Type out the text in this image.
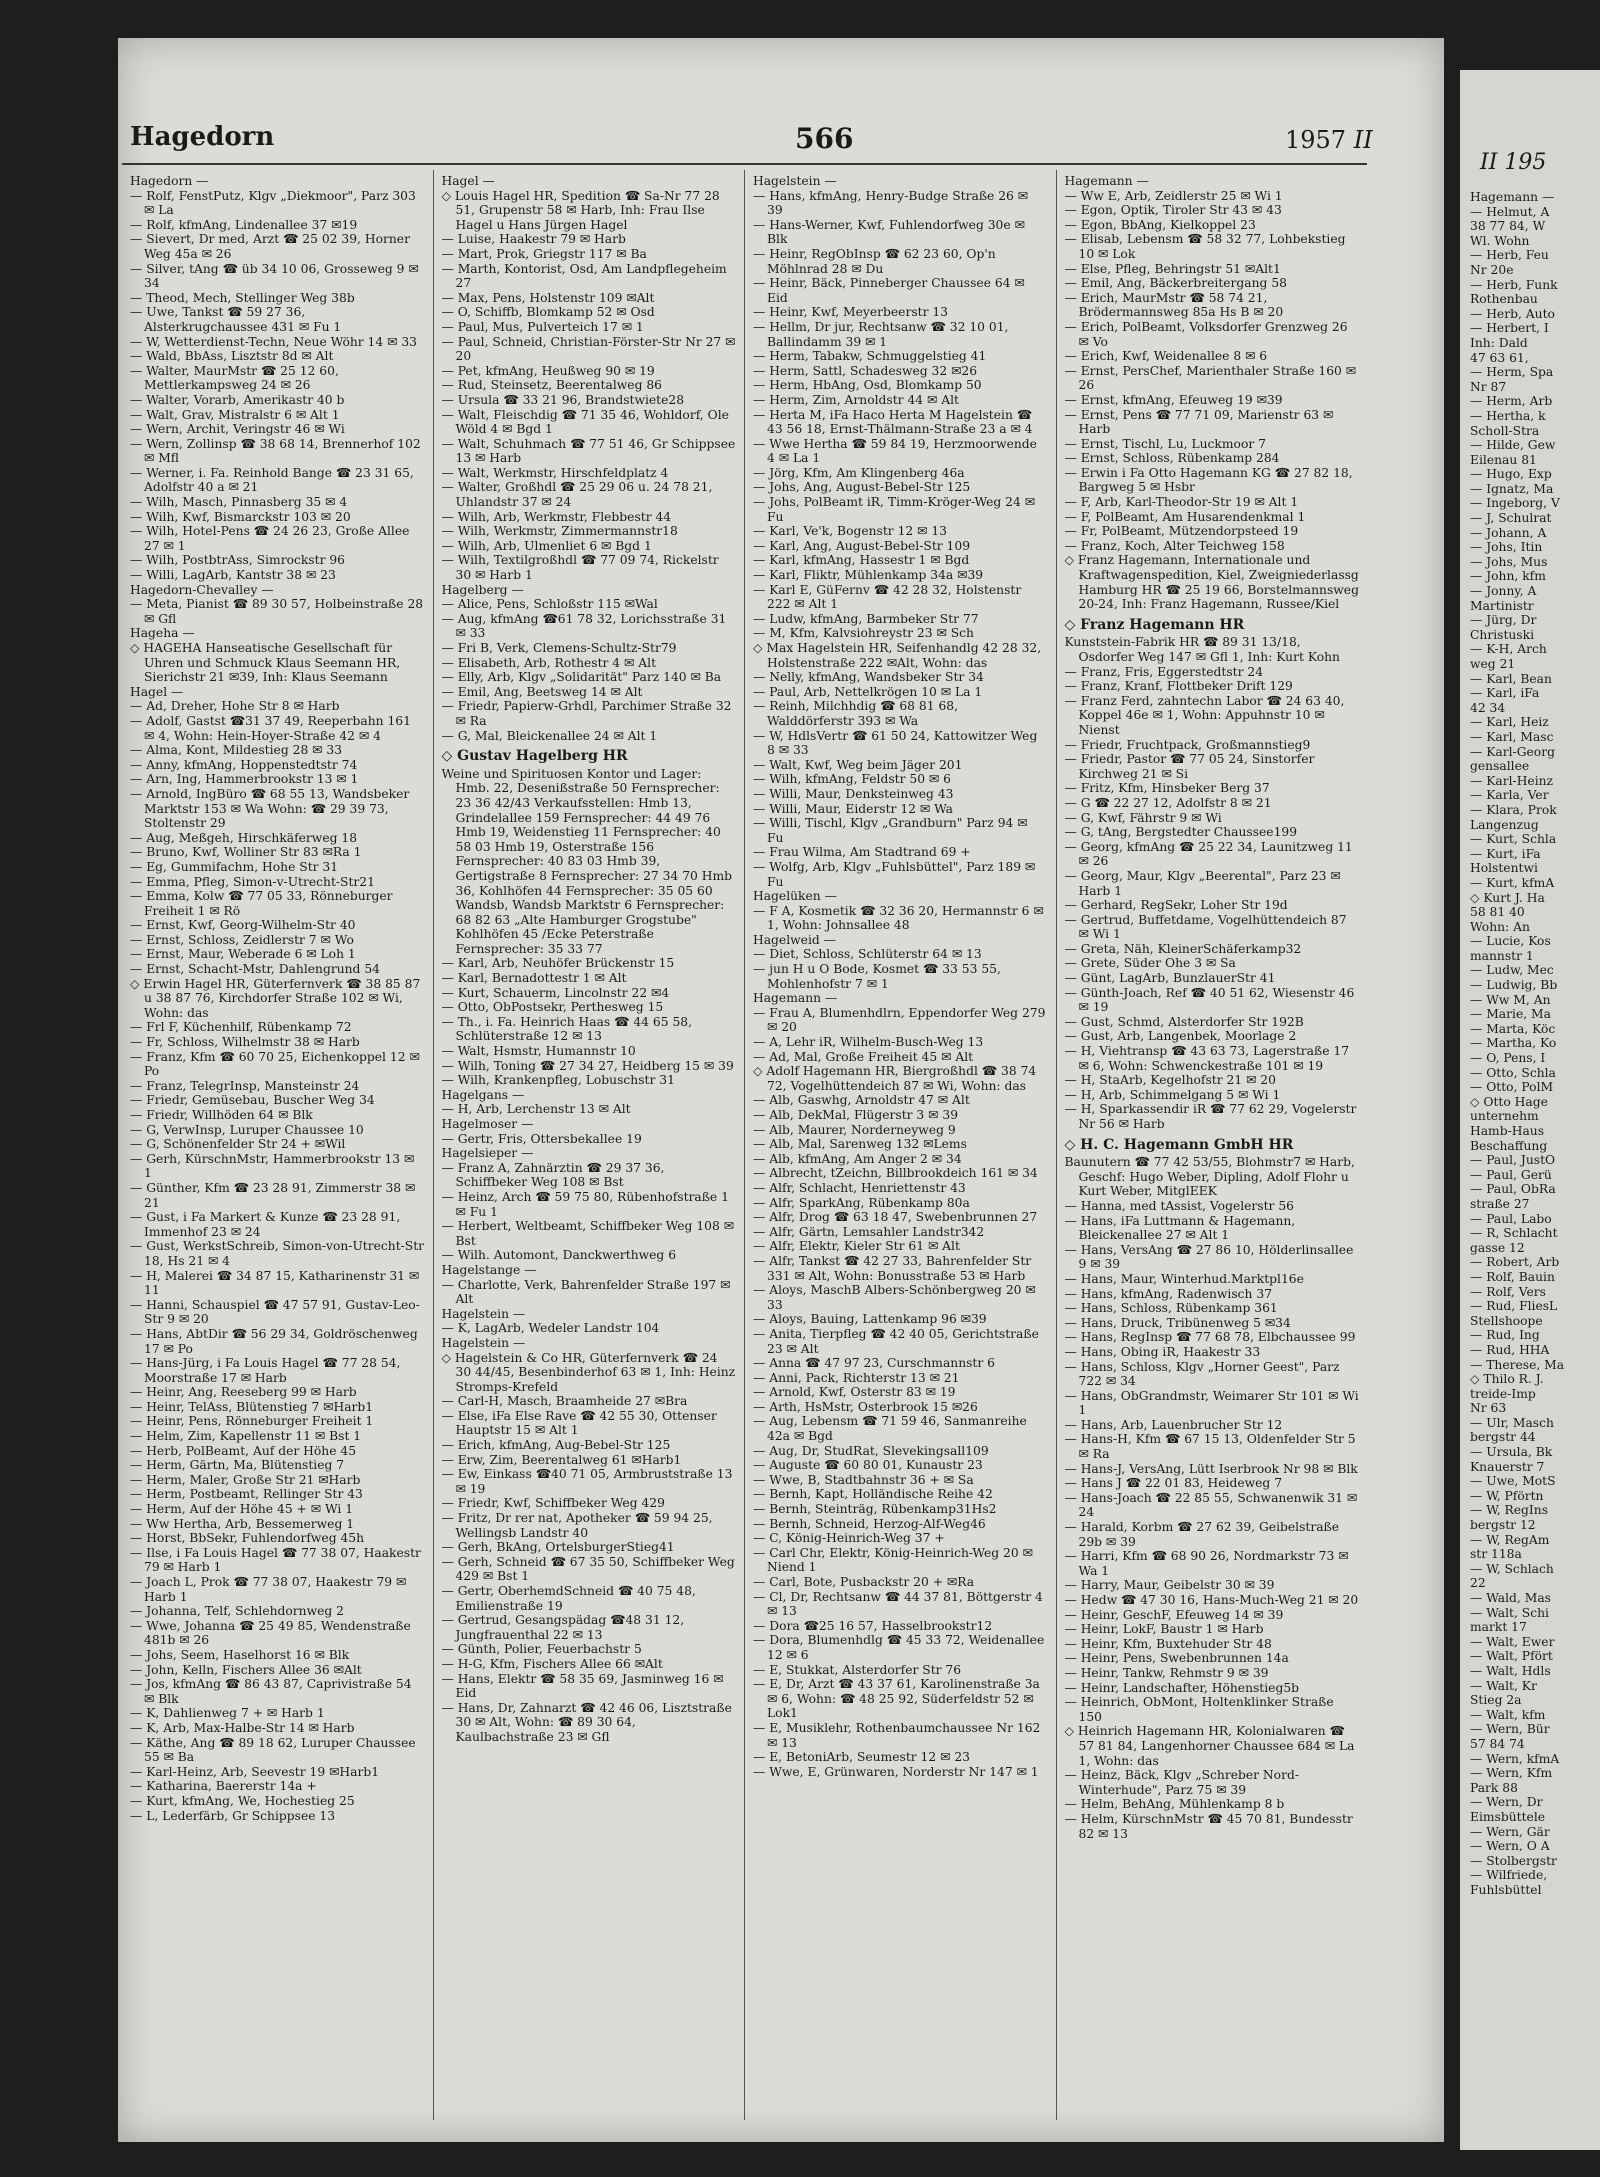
II 195
Hagemann —
— Helmut, A
38 77 84, W
Wl. Wohn
— Herb, Feu
Nr 20e
— Herb, Funk
Rothenbau
— Herb, Auto
— Herbert, I
Inh: Dald
47 63 61,
— Herm, Spa
Nr 87
— Herm, Arb
— Hertha, k
Scholl-Stra
— Hilde, Gew
Eilenau 81
— Hugo, Exp
— Ignatz, Ma
— Ingeborg, V
— J, Schulrat
— Johann, A
— Johs, Itin
— Johs, Mus
— John, kfm
— Jonny, A
Martinistr
— Jürg, Dr
Christuski
— K-H, Arch
weg 21
— Karl, Bean
— Karl, iFa
42 34
— Karl, Heiz
— Karl, Masc
— Karl-Georg
gensallee
— Karl-Heinz
— Karla, Ver
— Klara, Prok
Langenzug
— Kurt, Schla
— Kurt, iFa
Holstentwi
— Kurt, kfmA
◇ Kurt J. Ha
58 81 40
Wohn: An
— Lucie, Kos
mannstr 1
— Ludw, Mec
— Ludwig, Bb
— Ww M, An
— Marie, Ma
— Marta, Köc
— Martha, Ko
— O, Pens, I
— Otto, Schla
— Otto, PolM
◇ Otto Hage
unternehm
Hamb-Haus
Beschaffung
— Paul, JustO
— Paul, Gerü
— Paul, ObRa
straße 27
— Paul, Labo
— R, Schlacht
gasse 12
— Robert, Arb
— Rolf, Bauin
— Rolf, Vers
— Rud, FliesL
Stellshoope
— Rud, Ing
— Rud, HHA
— Therese, Ma
◇ Thilo R. J.
treide-Imp
Nr 63
— Ulr, Masch
bergstr 44
— Ursula, Bk
Knauerstr 7
— Uwe, MotS
— W, Pförtn
— W, RegIns
bergstr 12
— W, RegAm
str 118a
— W, Schlach
22
— Wald, Mas
— Walt, Schi
markt 17
— Walt, Ewer
— Walt, Pfört
— Walt, Hdls
— Walt, Kr
Stieg 2a
— Walt, kfm
— Wern, Bür
57 84 74
— Wern, kfmA
— Wern, Kfm
Park 88
— Wern, Dr
Eimsbüttele
— Wern, Gär
— Wern, O A
— Stolbergstr
— Wilfriede,
Fuhlsbüttel
Hagedorn	566	1957 II
Hagedorn —
— Rolf, FenstPutz, Klgv „Diekmoor", Parz 303 ✉ La
— Rolf, kfmAng, Lindenallee 37 ✉19
— Sievert, Dr med, Arzt ☎ 25 02 39, Horner Weg 45a ✉ 26
— Silver, tAng ☎ üb 34 10 06, Grosseweg 9 ✉ 34
— Theod, Mech, Stellinger Weg 38b
— Uwe, Tankst ☎ 59 27 36, Alsterkrugchaussee 431 ✉ Fu 1
— W, Wetterdienst-Techn, Neue Wöhr 14 ✉ 33
— Wald, BbAss, Lisztstr 8d ✉ Alt
— Walter, MaurMstr ☎ 25 12 60, Mettlerkampsweg 24 ✉ 26
— Walter, Vorarb, Amerikastr 40 b
— Walt, Grav, Mistralstr 6 ✉ Alt 1
— Wern, Archit, Veringstr 46 ✉ Wi
— Wern, Zollinsp ☎ 38 68 14, Brennerhof 102 ✉ Mfl
— Werner, i. Fa. Reinhold Bange ☎ 23 31 65, Adolfstr 40 a ✉ 21
— Wilh, Masch, Pinnasberg 35 ✉ 4
— Wilh, Kwf, Bismarckstr 103 ✉ 20
— Wilh, Hotel-Pens ☎ 24 26 23, Große Allee 27 ✉ 1
— Wilh, PostbtrAss, Simrockstr 96
— Willi, LagArb, Kantstr 38 ✉ 23
Hagedorn-Chevalley —
— Meta, Pianist ☎ 89 30 57, Holbeinstraße 28 ✉ Gfl
Hageha —
◇ HAGEHA Hanseatische Gesellschaft für Uhren und Schmuck Klaus Seemann HR, Sierichstr 21 ✉39, Inh: Klaus Seemann
Hagel —
— Ad, Dreher, Hohe Str 8 ✉ Harb
— Adolf, Gastst ☎31 37 49, Reeperbahn 161 ✉ 4, Wohn: Hein-Hoyer-Straße 42 ✉ 4
— Alma, Kont, Mildestieg 28 ✉ 33
— Anny, kfmAng, Hoppenstedtstr 74
— Arn, Ing, Hammerbrookstr 13 ✉ 1
— Arnold, IngBüro ☎ 68 55 13, Wandsbeker Marktstr 153 ✉ Wa Wohn: ☎ 29 39 73, Stoltenstr 29
— Aug, Meßgeh, Hirschkäferweg 18
— Bruno, Kwf, Wolliner Str 83 ✉Ra 1
— Eg, Gummifachm, Hohe Str 31
— Emma, Pfleg, Simon-v-Utrecht-Str21
— Emma, Kolw ☎ 77 05 33, Rönneburger Freiheit 1 ✉ Rö
— Ernst, Kwf, Georg-Wilhelm-Str 40
— Ernst, Schloss, Zeidlerstr 7 ✉ Wo
— Ernst, Maur, Weberade 6 ✉ Loh 1
— Ernst, Schacht-Mstr, Dahlengrund 54
◇ Erwin Hagel HR, Güterfernverk ☎ 38 85 87 u 38 87 76, Kirchdorfer Straße 102 ✉ Wi, Wohn: das
— Frl F, Küchenhilf, Rübenkamp 72
— Fr, Schloss, Wilhelmstr 38 ✉ Harb
— Franz, Kfm ☎ 60 70 25, Eichenkoppel 12 ✉ Po
— Franz, TelegrInsp, Mansteinstr 24
— Friedr, Gemüsebau, Buscher Weg 34
— Friedr, Willhöden 64 ✉ Blk
— G, VerwInsp, Luruper Chaussee 10
— G, Schönenfelder Str 24 + ✉Wil
— Gerh, KürschnMstr, Hammerbrookstr 13 ✉ 1
— Günther, Kfm ☎ 23 28 91, Zimmerstr 38 ✉ 21
— Gust, i Fa Markert & Kunze ☎ 23 28 91, Immenhof 23 ✉ 24
— Gust, WerkstSchreib, Simon-von-Utrecht-Str 18, Hs 21 ✉ 4
— H, Malerei ☎ 34 87 15, Katharinenstr 31 ✉ 11
— Hanni, Schauspiel ☎ 47 57 91, Gustav-Leo-Str 9 ✉ 20
— Hans, AbtDir ☎ 56 29 34, Goldröschenweg 17 ✉ Po
— Hans-Jürg, i Fa Louis Hagel ☎ 77 28 54, Moorstraße 17 ✉ Harb
— Heinr, Ang, Reeseberg 99 ✉ Harb
— Heinr, TelAss, Blütenstieg 7 ✉Harb1
— Heinr, Pens, Rönneburger Freiheit 1
— Helm, Zim, Kapellenstr 11 ✉ Bst 1
— Herb, PolBeamt, Auf der Höhe 45
— Herm, Gärtn, Ma, Blütenstieg 7
— Herm, Maler, Große Str 21 ✉Harb
— Herm, Postbeamt, Rellinger Str 43
— Herm, Auf der Höhe 45 + ✉ Wi 1
— Ww Hertha, Arb, Bessemerweg 1
— Horst, BbSekr, Fuhlendorfweg 45h
— Ilse, i Fa Louis Hagel ☎ 77 38 07, Haakestr 79 ✉ Harb 1
— Joach L, Prok ☎ 77 38 07, Haakestr 79 ✉ Harb 1
— Johanna, Telf, Schlehdornweg 2
— Wwe, Johanna ☎ 25 49 85, Wendenstraße 481b ✉ 26
— Johs, Seem, Haselhorst 16 ✉ Blk
— John, Kelln, Fischers Allee 36 ✉Alt
— Jos, kfmAng ☎ 86 43 87, Caprivistraße 54 ✉ Blk
— K, Dahlienweg 7 + ✉ Harb 1
— K, Arb, Max-Halbe-Str 14 ✉ Harb
— Käthe, Ang ☎ 89 18 62, Luruper Chaussee 55 ✉ Ba
— Karl-Heinz, Arb, Seevestr 19 ✉Harb1
— Katharina, Baererstr 14a +
— Kurt, kfmAng, We, Hochestieg 25
— L, Lederfärb, Gr Schippsee 13
Hagel —
◇ Louis Hagel HR, Spedition ☎ Sa-Nr 77 28 51, Grupenstr 58 ✉ Harb, Inh: Frau Ilse Hagel u Hans Jürgen Hagel
— Luise, Haakestr 79 ✉ Harb
— Mart, Prok, Griegstr 117 ✉ Ba
— Marth, Kontorist, Osd, Am Landpflegeheim 27
— Max, Pens, Holstenstr 109 ✉Alt
— O, Schiffb, Blomkamp 52 ✉ Osd
— Paul, Mus, Pulverteich 17 ✉ 1
— Paul, Schneid, Christian-Förster-Str Nr 27 ✉ 20
— Pet, kfmAng, Heußweg 90 ✉ 19
— Rud, Steinsetz, Beerentalweg 86
— Ursula ☎ 33 21 96, Brandstwiete28
— Walt, Fleischdig ☎ 71 35 46, Wohldorf, Ole Wöld 4 ✉ Bgd 1
— Walt, Schuhmach ☎ 77 51 46, Gr Schippsee 13 ✉ Harb
— Walt, Werkmstr, Hirschfeldplatz 4
— Walter, Großhdl ☎ 25 29 06 u. 24 78 21, Uhlandstr 37 ✉ 24
— Wilh, Arb, Werkmstr, Flebbestr 44
— Wilh, Werkmstr, Zimmermannstr18
— Wilh, Arb, Ulmenliet 6 ✉ Bgd 1
— Wilh, Textilgroßhdl ☎ 77 09 74, Rickelstr 30 ✉ Harb 1
Hagelberg —
— Alice, Pens, Schloßstr 115 ✉Wal
— Aug, kfmAng ☎61 78 32, Lorichsstraße 31 ✉ 33
— Fri B, Verk, Clemens-Schultz-Str79
— Elisabeth, Arb, Rothestr 4 ✉ Alt
— Elly, Arb, Klgv „Solidarität" Parz 140 ✉ Ba
— Emil, Ang, Beetsweg 14 ✉ Alt
— Friedr, Papierw-Grhdl, Parchimer Straße 32 ✉ Ra
— G, Mal, Bleickenallee 24 ✉ Alt 1
◇ Gustav Hagelberg HR
Weine und Spirituosen Kontor und Lager: Hmb. 22, Desenißstraße 50 Fernsprecher: 23 36 42/43 Verkaufsstellen: Hmb 13, Grindelallee 159 Fernsprecher: 44 49 76 Hmb 19, Weidenstieg 11 Fernsprecher: 40 58 03 Hmb 19, Osterstraße 156 Fernsprecher: 40 83 03 Hmb 39, Gertigstraße 8 Fernsprecher: 27 34 70 Hmb 36, Kohlhöfen 44 Fernsprecher: 35 05 60 Wandsb, Wandsb Marktstr 6 Fernsprecher: 68 82 63 „Alte Hamburger Grogstube" Kohlhöfen 45 /Ecke Peterstraße Fernsprecher: 35 33 77
— Karl, Arb, Neuhöfer Brückenstr 15
— Karl, Bernadottestr 1 ✉ Alt
— Kurt, Schauerm, Lincolnstr 22 ✉4
— Otto, ObPostsekr, Perthesweg 15
— Th., i. Fa. Heinrich Haas ☎ 44 65 58, Schlüterstraße 12 ✉ 13
— Walt, Hsmstr, Humannstr 10
— Wilh, Toning ☎ 27 34 27, Heidberg 15 ✉ 39
— Wilh, Krankenpfleg, Lobuschstr 31
Hagelgans —
— H, Arb, Lerchenstr 13 ✉ Alt
Hagelmoser —
— Gertr, Fris, Ottersbekallee 19
Hagelsieper —
— Franz A, Zahnärztin ☎ 29 37 36, Schiffbeker Weg 108 ✉ Bst
— Heinz, Arch ☎ 59 75 80, Rübenhofstraße 1 ✉ Fu 1
— Herbert, Weltbeamt, Schiffbeker Weg 108 ✉ Bst
— Wilh. Automont, Danckwerthweg 6
Hagelstange —
— Charlotte, Verk, Bahrenfelder Straße 197 ✉ Alt
Hagelstein —
— K, LagArb, Wedeler Landstr 104
Hagelstein —
◇ Hagelstein & Co HR, Güterfernverk ☎ 24 30 44/45, Besenbinderhof 63 ✉ 1, Inh: Heinz Stromps-Krefeld
— Carl-H, Masch, Braamheide 27 ✉Bra
— Else, iFa Else Rave ☎ 42 55 30, Ottenser Hauptstr 15 ✉ Alt 1
— Erich, kfmAng, Aug-Bebel-Str 125
— Erw, Zim, Beerentalweg 61 ✉Harb1
— Ew, Einkass ☎40 71 05, Armbruststraße 13 ✉ 19
— Friedr, Kwf, Schiffbeker Weg 429
— Fritz, Dr rer nat, Apotheker ☎ 59 94 25, Wellingsb Landstr 40
— Gerh, BkAng, OrtelsburgerStieg41
— Gerh, Schneid ☎ 67 35 50, Schiffbeker Weg 429 ✉ Bst 1
— Gertr, OberhemdSchneid ☎ 40 75 48, Emilienstraße 19
— Gertrud, Gesangspädag ☎48 31 12, Jungfrauenthal 22 ✉ 13
— Günth, Polier, Feuerbachstr 5
— H-G, Kfm, Fischers Allee 66 ✉Alt
— Hans, Elektr ☎ 58 35 69, Jasminweg 16 ✉ Eid
— Hans, Dr, Zahnarzt ☎ 42 46 06, Lisztstraße 30 ✉ Alt, Wohn: ☎ 89 30 64, Kaulbachstraße 23 ✉ Gfl
Hagelstein —
— Hans, kfmAng, Henry-Budge Straße 26 ✉ 39
— Hans-Werner, Kwf, Fuhlendorfweg 30e ✉ Blk
— Heinr, RegObInsp ☎ 62 23 60, Op'n Möhlnrad 28 ✉ Du
— Heinr, Bäck, Pinneberger Chaussee 64 ✉ Eid
— Heinr, Kwf, Meyerbeerstr 13
— Hellm, Dr jur, Rechtsanw ☎ 32 10 01, Ballindamm 39 ✉ 1
— Herm, Tabakw, Schmuggelstieg 41
— Herm, Sattl, Schadesweg 32 ✉26
— Herm, HbAng, Osd, Blomkamp 50
— Herm, Zim, Arnoldstr 44 ✉ Alt
— Herta M, iFa Haco Herta M Hagelstein ☎ 43 56 18, Ernst-Thälmann-Straße 23 a ✉ 4
— Wwe Hertha ☎ 59 84 19, Herzmoorwende 4 ✉ La 1
— Jörg, Kfm, Am Klingenberg 46a
— Johs, Ang, August-Bebel-Str 125
— Johs, PolBeamt iR, Timm-Kröger-Weg 24 ✉ Fu
— Karl, Ve'k, Bogenstr 12 ✉ 13
— Karl, Ang, August-Bebel-Str 109
— Karl, kfmAng, Hassestr 1 ✉ Bgd
— Karl, Fliktr, Mühlenkamp 34a ✉39
— Karl E, GüFernv ☎ 42 28 32, Holstenstr 222 ✉ Alt 1
— Ludw, kfmAng, Barmbeker Str 77
— M, Kfm, Kalvsiohreystr 23 ✉ Sch
◇ Max Hagelstein HR, Seifenhandlg 42 28 32, Holstenstraße 222 ✉Alt, Wohn: das
— Nelly, kfmAng, Wandsbeker Str 34
— Paul, Arb, Nettelkrögen 10 ✉ La 1
— Reinh, Milchhdig ☎ 68 81 68, Walddörferstr 393 ✉ Wa
— W, HdlsVertr ☎ 61 50 24, Kattowitzer Weg 8 ✉ 33
— Walt, Kwf, Weg beim Jäger 201
— Wilh, kfmAng, Feldstr 50 ✉ 6
— Willi, Maur, Denksteinweg 43
— Willi, Maur, Eiderstr 12 ✉ Wa
— Willi, Tischl, Klgv „Grandburn" Parz 94 ✉ Fu
— Frau Wilma, Am Stadtrand 69 +
— Wolfg, Arb, Klgv „Fuhlsbüttel", Parz 189 ✉ Fu
Hagelüken —
— F A, Kosmetik ☎ 32 36 20, Hermannstr 6 ✉ 1, Wohn: Johnsallee 48
Hagelweid —
— Diet, Schloss, Schlüterstr 64 ✉ 13
— jun H u O Bode, Kosmet ☎ 33 53 55, Mohlenhofstr 7 ✉ 1
Hagemann —
— Frau A, Blumenhdlrn, Eppendorfer Weg 279 ✉ 20
— A, Lehr iR, Wilhelm-Busch-Weg 13
— Ad, Mal, Große Freiheit 45 ✉ Alt
◇ Adolf Hagemann HR, Biergroßhdl ☎ 38 74 72, Vogelhüttendeich 87 ✉ Wi, Wohn: das
— Alb, Gaswhg, Arnoldstr 47 ✉ Alt
— Alb, DekMal, Flügerstr 3 ✉ 39
— Alb, Maurer, Norderneyweg 9
— Alb, Mal, Sarenweg 132 ✉Lems
— Alb, kfmAng, Am Anger 2 ✉ 34
— Albrecht, tZeichn, Billbrookdeich 161 ✉ 34
— Alfr, Schlacht, Henriettenstr 43
— Alfr, SparkAng, Rübenkamp 80a
— Alfr, Drog ☎ 63 18 47, Swebenbrunnen 27
— Alfr, Gärtn, Lemsahler Landstr342
— Alfr, Elektr, Kieler Str 61 ✉ Alt
— Alfr, Tankst ☎ 42 27 33, Bahrenfelder Str 331 ✉ Alt, Wohn: Bonusstraße 53 ✉ Harb
— Aloys, MaschB Albers-Schönbergweg 20 ✉ 33
— Aloys, Bauing, Lattenkamp 96 ✉39
— Anita, Tierpfleg ☎ 42 40 05, Gerichtstraße 23 ✉ Alt
— Anna ☎ 47 97 23, Curschmannstr 6
— Anni, Pack, Richterstr 13 ✉ 21
— Arnold, Kwf, Osterstr 83 ✉ 19
— Arth, HsMstr, Osterbrook 15 ✉26
— Aug, Lebensm ☎ 71 59 46, Sanmanreihe 42a ✉ Bgd
— Aug, Dr, StudRat, Slevekingsall109
— Auguste ☎ 60 80 01, Kunaustr 23
— Wwe, B, Stadtbahnstr 36 + ✉ Sa
— Bernh, Kapt, Holländische Reihe 42
— Bernh, Steinträg, Rübenkamp31Hs2
— Bernh, Schneid, Herzog-Alf-Weg46
— C, König-Heinrich-Weg 37 +
— Carl Chr, Elektr, König-Heinrich-Weg 20 ✉ Niend 1
— Carl, Bote, Pusbackstr 20 + ✉Ra
— Cl, Dr, Rechtsanw ☎ 44 37 81, Böttgerstr 4 ✉ 13
— Dora ☎25 16 57, Hasselbrookstr12
— Dora, Blumenhdlg ☎ 45 33 72, Weidenallee 12 ✉ 6
— E, Stukkat, Alsterdorfer Str 76
— E, Dr, Arzt ☎ 43 37 61, Karolinenstraße 3a ✉ 6, Wohn: ☎ 48 25 92, Süderfeldstr 52 ✉Lok1
— E, Musiklehr, Rothenbaumchaussee Nr 162 ✉ 13
— E, BetoniArb, Seumestr 12 ✉ 23
— Wwe, E, Grünwaren, Norderstr Nr 147 ✉ 1
Hagemann —
— Ww E, Arb, Zeidlerstr 25 ✉ Wi 1
— Egon, Optik, Tiroler Str 43 ✉ 43
— Egon, BbAng, Kielkoppel 23
— Elisab, Lebensm ☎ 58 32 77, Lohbekstieg 10 ✉ Lok
— Else, Pfleg, Behringstr 51 ✉Alt1
— Emil, Ang, Bäckerbreitergang 58
— Erich, MaurMstr ☎ 58 74 21, Brödermannsweg 85a Hs B ✉ 20
— Erich, PolBeamt, Volksdorfer Grenzweg 26 ✉ Vo
— Erich, Kwf, Weidenallee 8 ✉ 6
— Ernst, PersChef, Marienthaler Straße 160 ✉ 26
— Ernst, kfmAng, Efeuweg 19 ✉39
— Ernst, Pens ☎ 77 71 09, Marienstr 63 ✉ Harb
— Ernst, Tischl, Lu, Luckmoor 7
— Ernst, Schloss, Rübenkamp 284
— Erwin i Fa Otto Hagemann KG ☎ 27 82 18, Bargweg 5 ✉ Hsbr
— F, Arb, Karl-Theodor-Str 19 ✉ Alt 1
— F, PolBeamt, Am Husarendenkmal 1
— Fr, PolBeamt, Mützendorpsteed 19
— Franz, Koch, Alter Teichweg 158
◇ Franz Hagemann, Internationale und Kraftwagenspedition, Kiel, Zweigniederlassg Hamburg HR ☎ 25 19 66, Borstelmannsweg 20-24, Inh: Franz Hagemann, Russee/Kiel
◇ Franz Hagemann HR
Kunststein-Fabrik HR ☎ 89 31 13/18, Osdorfer Weg 147 ✉ Gfl 1, Inh: Kurt Kohn
— Franz, Fris, Eggerstedtstr 24
— Franz, Kranf, Flottbeker Drift 129
— Franz Ferd, zahntechn Labor ☎ 24 63 40, Koppel 46e ✉ 1, Wohn: Appuhnstr 10 ✉ Nienst
— Friedr, Fruchtpack, Großmannstieg9
— Friedr, Pastor ☎ 77 05 24, Sinstorfer Kirchweg 21 ✉ Si
— Fritz, Kfm, Hinsbeker Berg 37
— G ☎ 22 27 12, Adolfstr 8 ✉ 21
— G, Kwf, Fährstr 9 ✉ Wi
— G, tAng, Bergstedter Chaussee199
— Georg, kfmAng ☎ 25 22 34, Launitzweg 11 ✉ 26
— Georg, Maur, Klgv „Beerental", Parz 23 ✉ Harb 1
— Gerhard, RegSekr, Loher Str 19d
— Gertrud, Buffetdame, Vogelhüttendeich 87 ✉ Wi 1
— Greta, Näh, KleinerSchäferkamp32
— Grete, Süder Ohe 3 ✉ Sa
— Günt, LagArb, BunzlauerStr 41
— Günth-Joach, Ref ☎ 40 51 62, Wiesenstr 46 ✉ 19
— Gust, Schmd, Alsterdorfer Str 192B
— Gust, Arb, Langenbek, Moorlage 2
— H, Viehtransp ☎ 43 63 73, Lagerstraße 17 ✉ 6, Wohn: Schwenckestraße 101 ✉ 19
— H, StaArb, Kegelhofstr 21 ✉ 20
— H, Arb, Schimmelgang 5 ✉ Wi 1
— H, Sparkassendir iR ☎ 77 62 29, Vogelerstr Nr 56 ✉ Harb
◇ H. C. Hagemann GmbH HR
Baunutern ☎ 77 42 53/55, Blohmstr7 ✉ Harb, Geschf: Hugo Weber, Dipling, Adolf Flohr u Kurt Weber, MitglEEK
— Hanna, med tAssist, Vogelerstr 56
— Hans, iFa Luttmann & Hagemann, Bleickenallee 27 ✉ Alt 1
— Hans, VersAng ☎ 27 86 10, Hölderlinsallee 9 ✉ 39
— Hans, Maur, Winterhud.Marktpl16e
— Hans, kfmAng, Radenwisch 37
— Hans, Schloss, Rübenkamp 361
— Hans, Druck, Tribünenweg 5 ✉34
— Hans, RegInsp ☎ 77 68 78, Elbchaussee 99
— Hans, Obing iR, Haakestr 33
— Hans, Schloss, Klgv „Horner Geest", Parz 722 ✉ 34
— Hans, ObGrandmstr, Weimarer Str 101 ✉ Wi 1
— Hans, Arb, Lauenbrucher Str 12
— Hans-H, Kfm ☎ 67 15 13, Oldenfelder Str 5 ✉ Ra
— Hans-J, VersAng, Lütt Iserbrook Nr 98 ✉ Blk
— Hans J ☎ 22 01 83, Heideweg 7
— Hans-Joach ☎ 22 85 55, Schwanenwik 31 ✉ 24
— Harald, Korbm ☎ 27 62 39, Geibelstraße 29b ✉ 39
— Harri, Kfm ☎ 68 90 26, Nordmarkstr 73 ✉ Wa 1
— Harry, Maur, Geibelstr 30 ✉ 39
— Hedw ☎ 47 30 16, Hans-Much-Weg 21 ✉ 20
— Heinr, GeschF, Efeuweg 14 ✉ 39
— Heinr, LokF, Baustr 1 ✉ Harb
— Heinr, Kfm, Buxtehuder Str 48
— Heinr, Pens, Swebenbrunnen 14a
— Heinr, Tankw, Rehmstr 9 ✉ 39
— Heinr, Landschafter, Höhenstieg5b
— Heinrich, ObMont, Holtenklinker Straße 150
◇ Heinrich Hagemann HR, Kolonialwaren ☎ 57 81 84, Langenhorner Chaussee 684 ✉ La 1, Wohn: das
— Heinz, Bäck, Klgv „Schreber Nord-Winterhude", Parz 75 ✉ 39
— Helm, BehAng, Mühlenkamp 8 b
— Helm, KürschnMstr ☎ 45 70 81, Bundesstr 82 ✉ 13
